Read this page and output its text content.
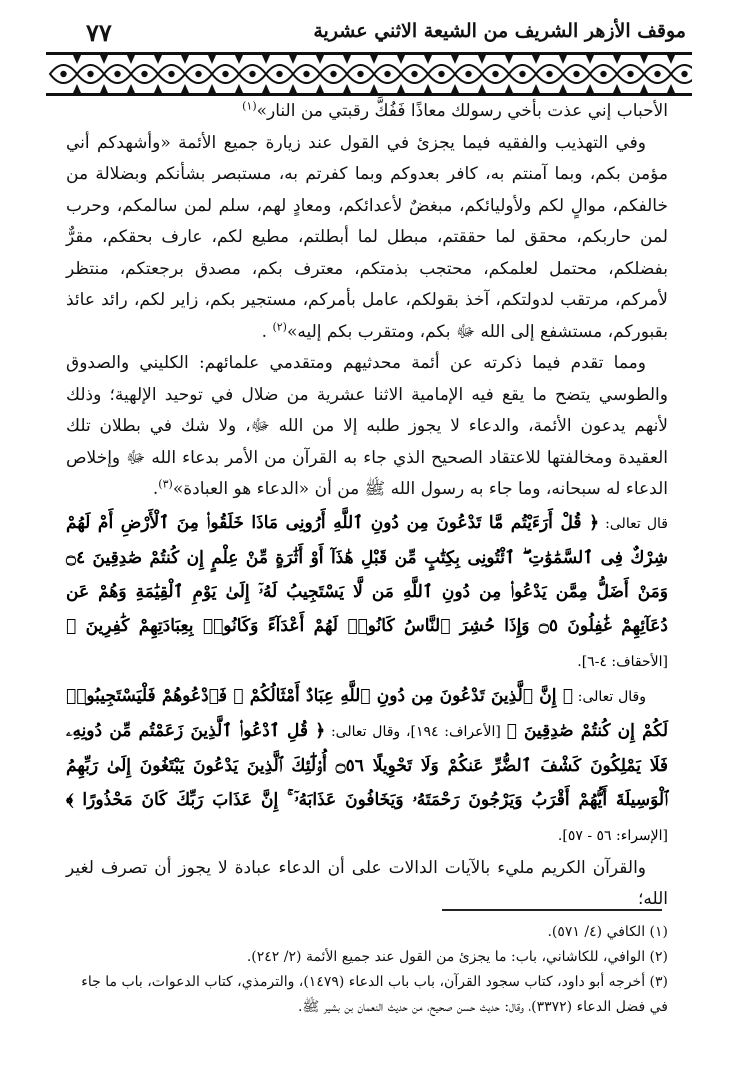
موقف الأزهر الشريف من الشيعة الاثني عشرية
٧٧

الأحباب إني عذت بأخي رسولك معاذًا فَفُكَّ رقبتي من النار»$^{(١)}$

وفي التهذيب والفقيه فيما يجزئ في القول عند زيارة جميع الأئمة «وأشهدكم أني مؤمن بكم، وبما آمنتم به، كافر بعدوكم وبما كفرتم به، مستبصر بشأنكم وبضلالة من خالفكم، موالٍ لكم ولأوليائكم، مبغضٌ لأعدائكم، ومعادٍ لهم، سلم لمن سالمكم، وحرب لمن حاربكم، محقق لما حققتم، مبطل لما أبطلتم، مطيع لكم، عارف بحقكم، مقرٌّ بفضلكم، محتمل لعلمكم، محتجب بذمتكم، معترف بكم، مصدق برجعتكم، منتظر لأمركم، مرتقب لدولتكم، آخذ بقولكم، عامل بأمركم، مستجير بكم، زاير لكم، رائد عائذ بقبوركم، مستشفع إلى الله ﷻ بكم، ومتقرب بكم إليه»$^{(٢)}$ .

ومما تقدم فيما ذكرته عن أئمة محدثيهم ومتقدمي علمائهم: الكليني والصدوق والطوسي يتضح ما يقع فيه الإمامية الاثنا عشرية من ضلال في توحيد الإلهية؛ وذلك لأنهم يدعون الأئمة، والدعاء لا يجوز طلبه إلا من الله ﷻ، ولا شك في بطلان تلك العقيدة ومخالفتها للاعتقاد الصحيح الذي جاء به القرآن من الأمر بدعاء الله ﷻ وإخلاص الدعاء له سبحانه، وما جاء به رسول الله ﷺ من أن «الدعاء هو العبادة»$^{(٣)}$.

قال تعالى: ﴿ قُلْ أَرَءَيْتُم مَّا تَدْعُونَ مِن دُونِ ٱللَّهِ أَرُونِى مَاذَا خَلَقُوا۟ مِنَ ٱلْأَرْضِ أَمْ لَهُمْ شِرْكٌ فِى ٱلسَّمَٰوَٰتِ ۖ ٱئْتُونِى بِكِتَٰبٍ مِّن قَبْلِ هَٰذَآ أَوْ أَثَٰرَةٍ مِّنْ عِلْمٍ إِن كُنتُمْ صَٰدِقِينَ ۝٤ وَمَنْ أَضَلُّ مِمَّن يَدْعُوا۟ مِن دُونِ ٱللَّهِ مَن لَّا يَسْتَجِيبُ لَهُۥٓ إِلَىٰ يَوْمِ ٱلْقِيَٰمَةِ وَهُمْ عَن دُعَآئِهِمْ غَٰفِلُونَ ۝٥ وَإِذَا حُشِرَ ٱلنَّاسُ كَانُوا۟ لَهُمْ أَعْدَآءً وَكَانُوا۟ بِعِبَادَتِهِمْ كَٰفِرِينَ ﴾ [الأحقاف: ٤-٦].

وقال تعالى: ﴿ إِنَّ ٱلَّذِينَ تَدْعُونَ مِن دُونِ ٱللَّهِ عِبَادٌ أَمْثَالُكُمْ ۖ فَٱدْعُوهُمْ فَلْيَسْتَجِيبُوا۟ لَكُمْ إِن كُنتُمْ صَٰدِقِينَ ﴾ [الأعراف: ١٩٤]، وقال تعالى: ﴿ قُلِ ٱدْعُوا۟ ٱلَّذِينَ زَعَمْتُم مِّن دُونِهِۦ فَلَا يَمْلِكُونَ كَشْفَ ٱلضُّرِّ عَنكُمْ وَلَا تَحْوِيلًا ۝٥٦ أُو۟لَٰٓئِكَ ٱلَّذِينَ يَدْعُونَ يَبْتَغُونَ إِلَىٰ رَبِّهِمُ ٱلْوَسِيلَةَ أَيُّهُمْ أَقْرَبُ وَيَرْجُونَ رَحْمَتَهُۥ وَيَخَافُونَ عَذَابَهُۥٓ ۚ إِنَّ عَذَابَ رَبِّكَ كَانَ مَحْذُورًا ﴾ [الإسراء: ٥٦ - ٥٧].

والقرآن الكريم مليء بالآيات الدالات على أن الدعاء عبادة لا يجوز أن تصرف لغير الله؛

(١) الكافي (٤/ ٥٧١).

(٢) الوافي، للكاشاني، باب: ما يجزئ من القول عند جميع الأئمة (٢/ ٢٤٢).

(٣) أخرجه أبو داود، كتاب سجود القرآن، باب باب الدعاء (١٤٧٩)، والترمذي، كتاب الدعوات، باب ما جاء في فضل الدعاء (٣٣٧٢)، وقال: حديث حسن صحيح، من حديث النعمان بن بشير ﷺ.
